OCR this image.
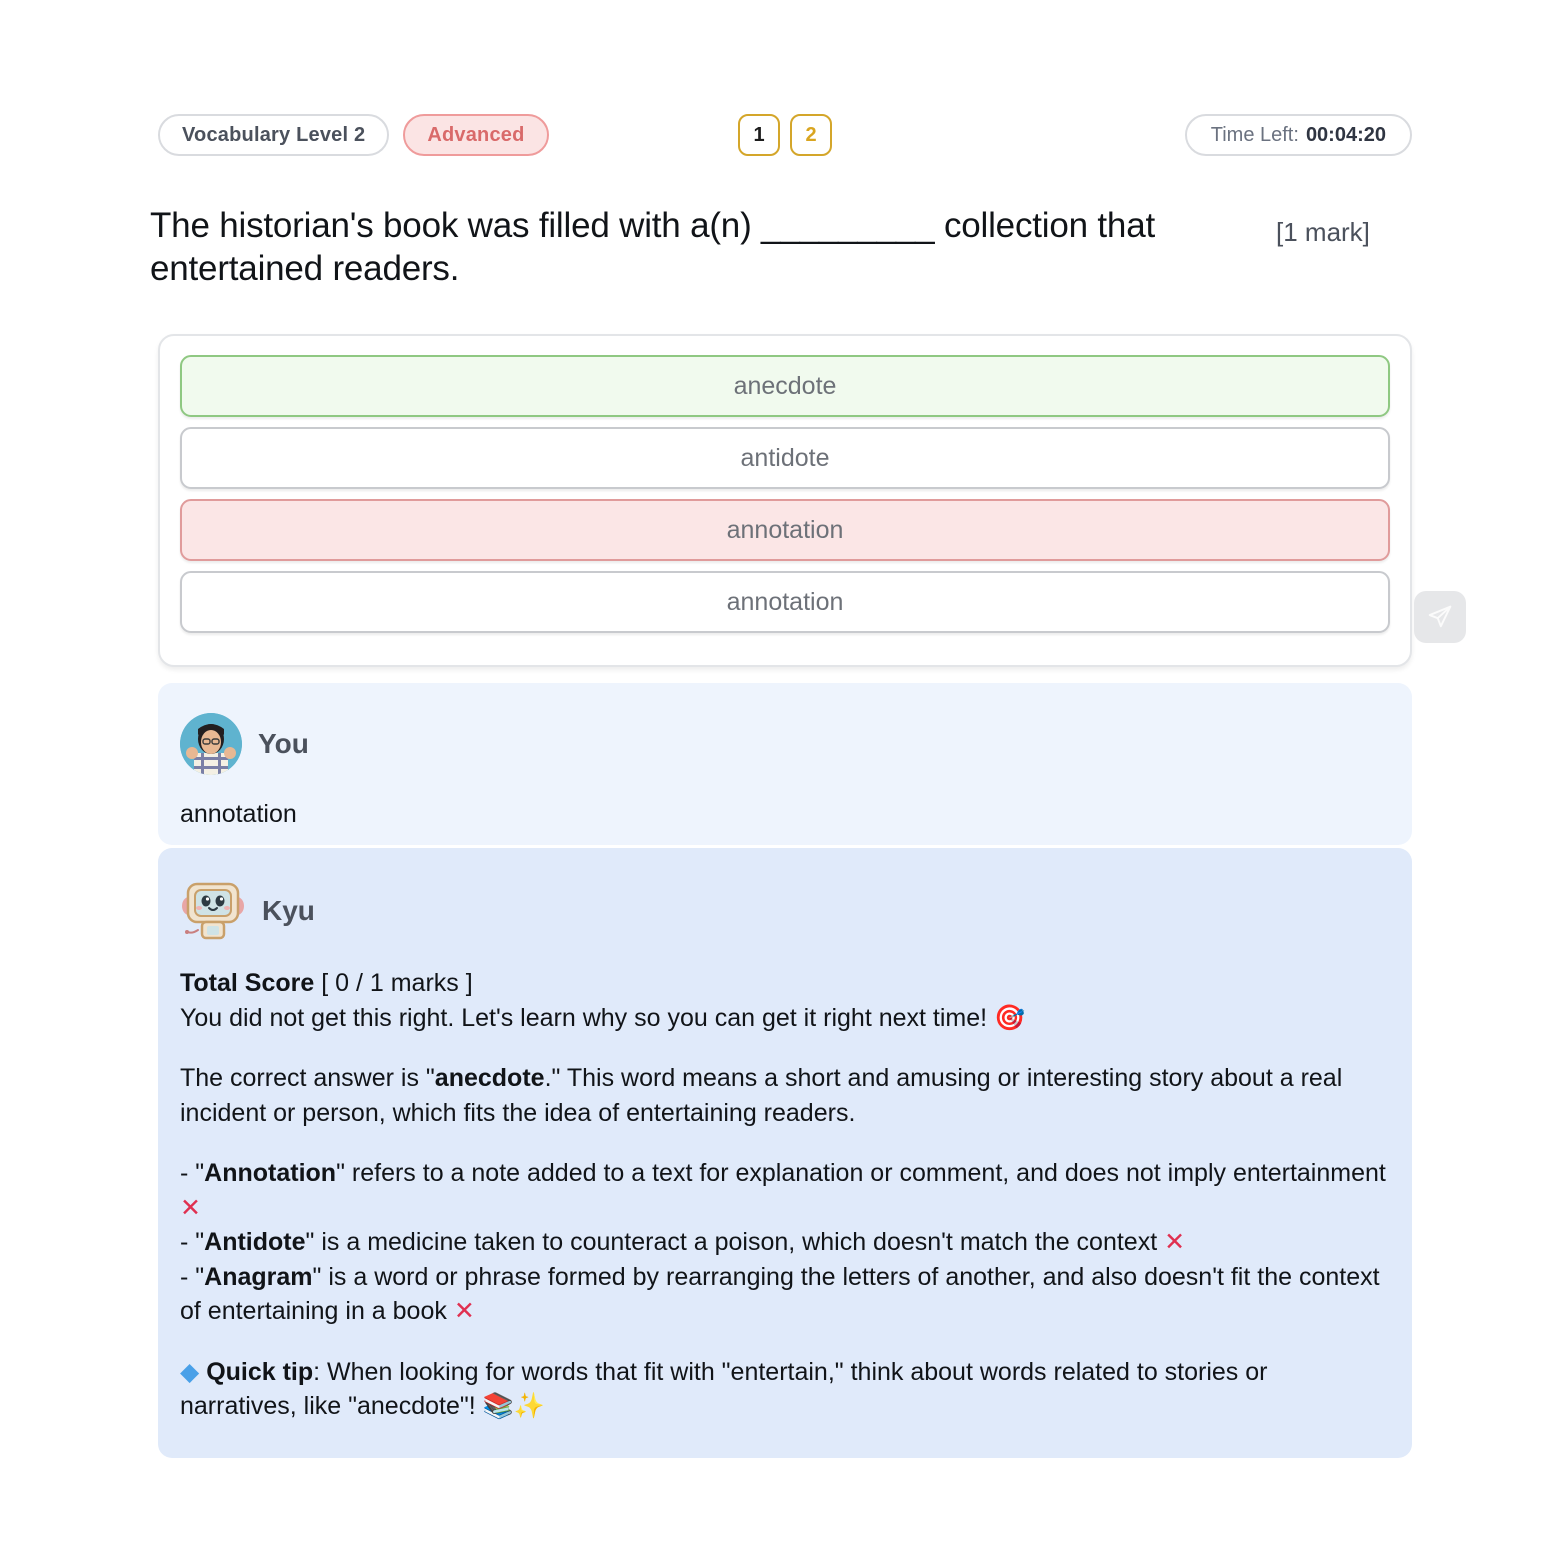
Vocabulary Level 2	Advanced	1	2	Time Left: 00:04:20
The historian's book was filled with a(n) _________ collection that entertained readers.
[1 mark]
anecdote
antidote
annotation
annotation
You
annotation
Kyu

Total Score [ 0 / 1 marks ]

You did not get this right. Let's learn why so you can get it right next time! 🎯

The correct answer is "anecdote." This word means a short and amusing or interesting story about a real incident or person, which fits the idea of entertaining readers.

- "Annotation" refers to a note added to a text for explanation or comment, and does not imply entertainment ✕

- "Antidote" is a medicine taken to counteract a poison, which doesn't match the context ✕

- "Anagram" is a word or phrase formed by rearranging the letters of another, and also doesn't fit the context of entertaining in a book ✕

◆ Quick tip: When looking for words that fit with "entertain," think about words related to stories or narratives, like "anecdote"! 📚✨
